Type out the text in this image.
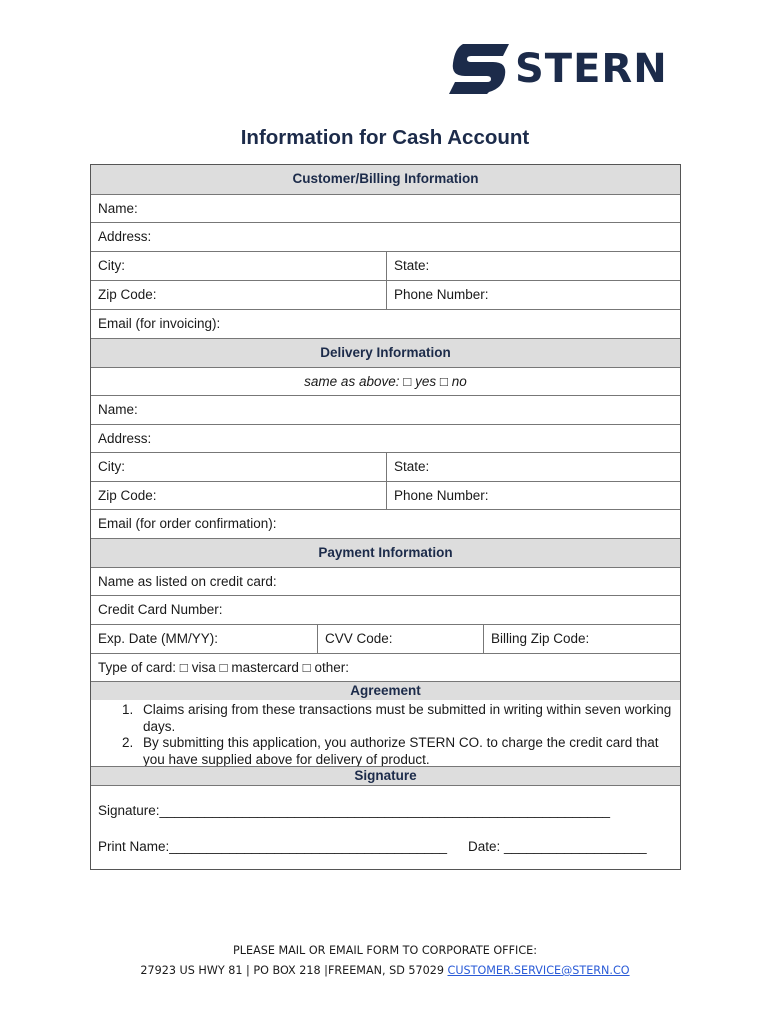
STERN
Information for Cash Account
Customer/Billing Information
Name:
Address:
City:	State:
Zip Code:	Phone Number:
Email (for invoicing):
Delivery Information
same as above: □ yes □ no
Name:
Address:
City:	State:
Zip Code:	Phone Number:
Email (for order confirmation):
Payment Information
Name as listed on credit card:
Credit Card Number:
Exp. Date (MM/YY):	CVV Code:	Billing Zip Code:
Type of card: □ visa □ mastercard □ other:
Agreement
1. Claims arising from these transactions must be submitted in writing within seven working days.
2. By submitting this application, you authorize STERN CO. to charge the credit card that you have supplied above for delivery of product.
Signature
Signature:____________________________________________________________
Print Name:_____________________________________ Date: ___________________
PLEASE MAIL OR EMAIL FORM TO CORPORATE OFFICE:
27923 US HWY 81 | PO BOX 218 |FREEMAN, SD 57029 CUSTOMER.SERVICE@STERN.CO
